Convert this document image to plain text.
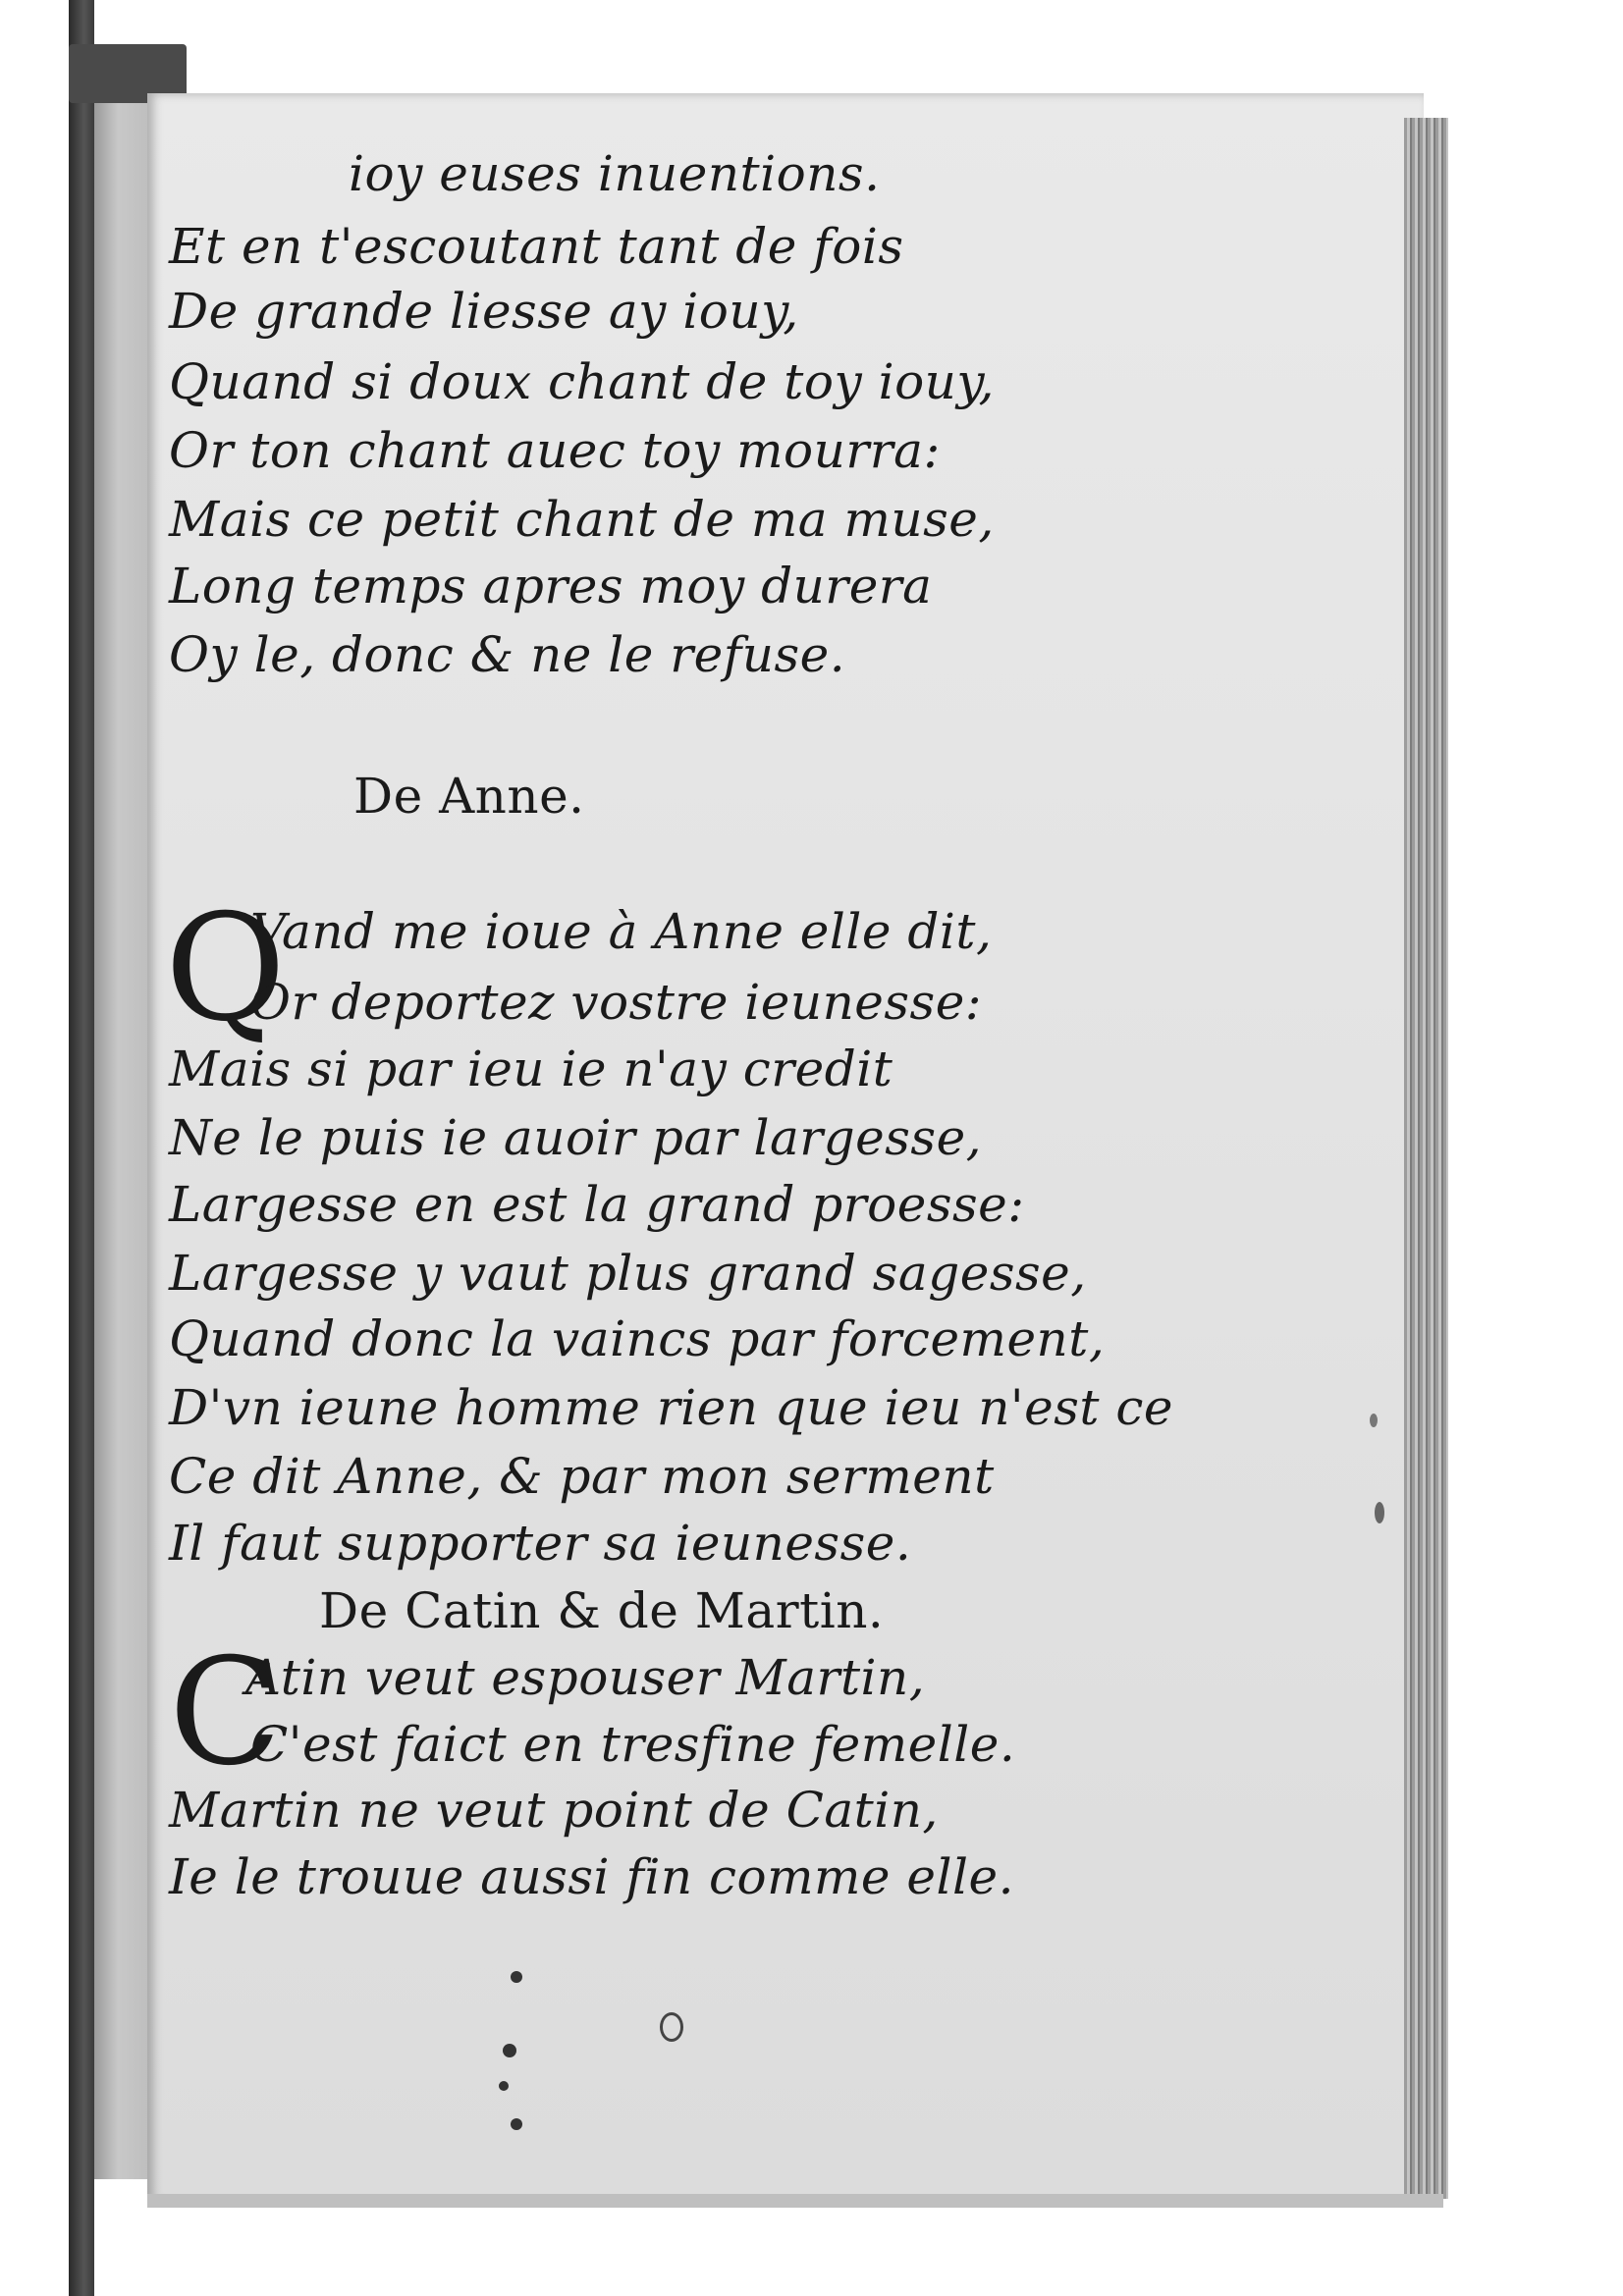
ioy euses inuentions.
Et en t'escoutant tant de fois
De grande liesse ay iouy,
Quand si doux chant de toy iouy,
Or ton chant auec toy mourra:
Mais ce petit chant de ma muse,
Long temps apres moy durera
Oy le, donc & ne le refuse.
De Anne.
Q
Vand me ioue à Anne elle dit,
Or deportez vostre ieunesse:
Mais si par ieu ie n'ay credit
Ne le puis ie auoir par largesse,
Largesse en est la grand proesse:
Largesse y vaut plus grand sagesse,
Quand donc la vaincs par forcement,
D'vn ieune homme rien que ieu n'est ce
Ce dit Anne, & par mon serment
Il faut supporter sa ieunesse.
De Catin & de Martin.
C
Atin veut espouser Martin,
C'est faict en tresfine femelle.
Martin ne veut point de Catin,
Ie le trouue aussi fin comme elle.
